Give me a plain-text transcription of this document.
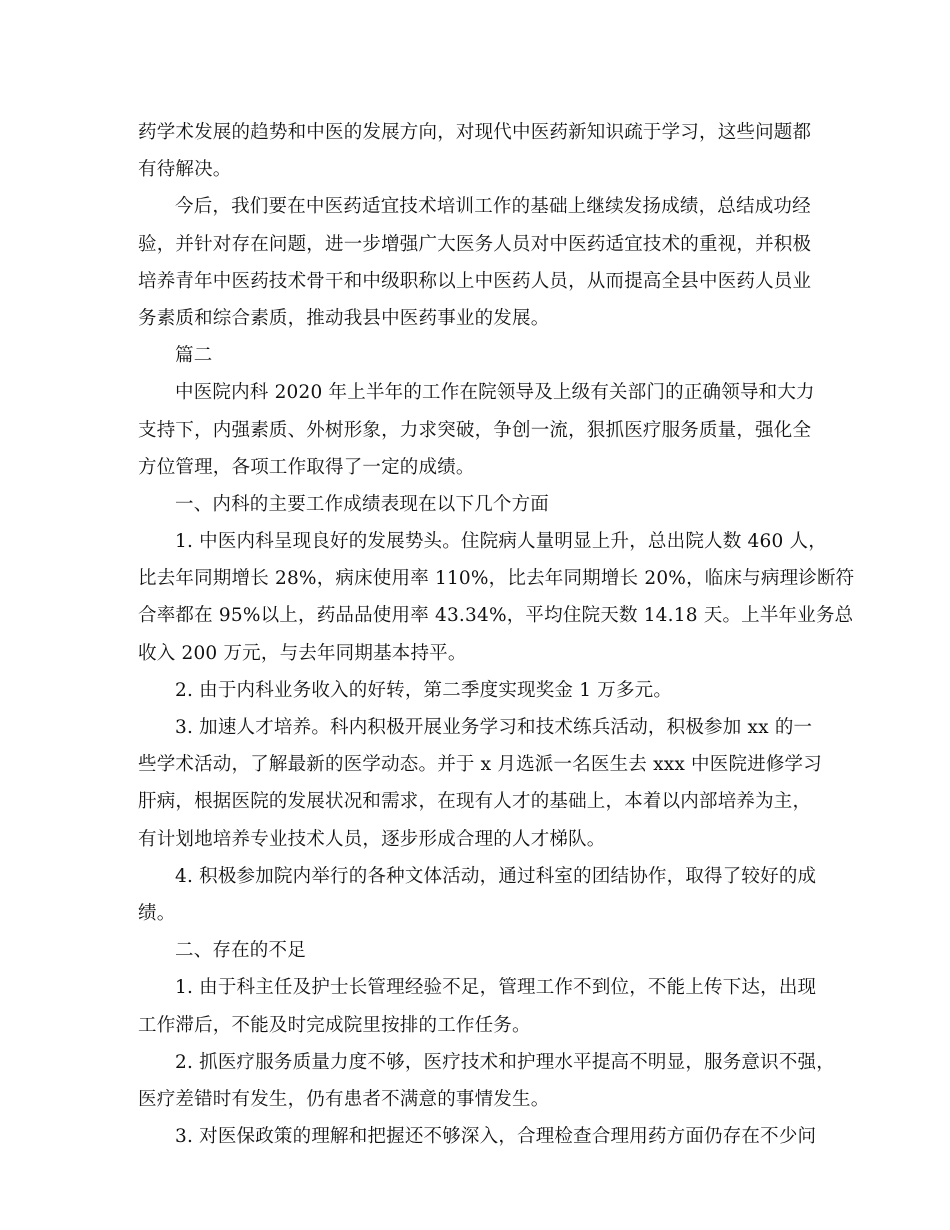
药学术发展的趋势和中医的发展方向，对现代中医药新知识疏于学习，这些问题都
有待解决。
今后，我们要在中医药适宜技术培训工作的基础上继续发扬成绩，总结成功经
验，并针对存在问题，进一步增强广大医务人员对中医药适宜技术的重视，并积极
培养青年中医药技术骨干和中级职称以上中医药人员，从而提高全县中医药人员业
务素质和综合素质，推动我县中医药事业的发展。
篇二
中医院内科 2020 年上半年的工作在院领导及上级有关部门的正确领导和大力
支持下，内强素质、外树形象，力求突破，争创一流，狠抓医疗服务质量，强化全
方位管理，各项工作取得了一定的成绩。
一、内科的主要工作成绩表现在以下几个方面
1. 中医内科呈现良好的发展势头。住院病人量明显上升，总出院人数 460 人，
比去年同期增长 28%，病床使用率 110%，比去年同期增长 20%，临床与病理诊断符
合率都在 95%以上，药品品使用率 43.34%，平均住院天数 14.18 天。上半年业务总
收入 200 万元，与去年同期基本持平。
2. 由于内科业务收入的好转，第二季度实现奖金 1 万多元。
3. 加速人才培养。科内积极开展业务学习和技术练兵活动，积极参加 xx 的一
些学术活动，了解最新的医学动态。并于 x 月选派一名医生去 xxx 中医院进修学习
肝病，根据医院的发展状况和需求，在现有人才的基础上，本着以内部培养为主，
有计划地培养专业技术人员，逐步形成合理的人才梯队。
4. 积极参加院内举行的各种文体活动，通过科室的团结协作，取得了较好的成
绩。
二、存在的不足
1. 由于科主任及护士长管理经验不足，管理工作不到位，不能上传下达，出现
工作滞后，不能及时完成院里按排的工作任务。
2. 抓医疗服务质量力度不够，医疗技术和护理水平提高不明显，服务意识不强，
医疗差错时有发生，仍有患者不满意的事情发生。
3. 对医保政策的理解和把握还不够深入，合理检查合理用药方面仍存在不少问
